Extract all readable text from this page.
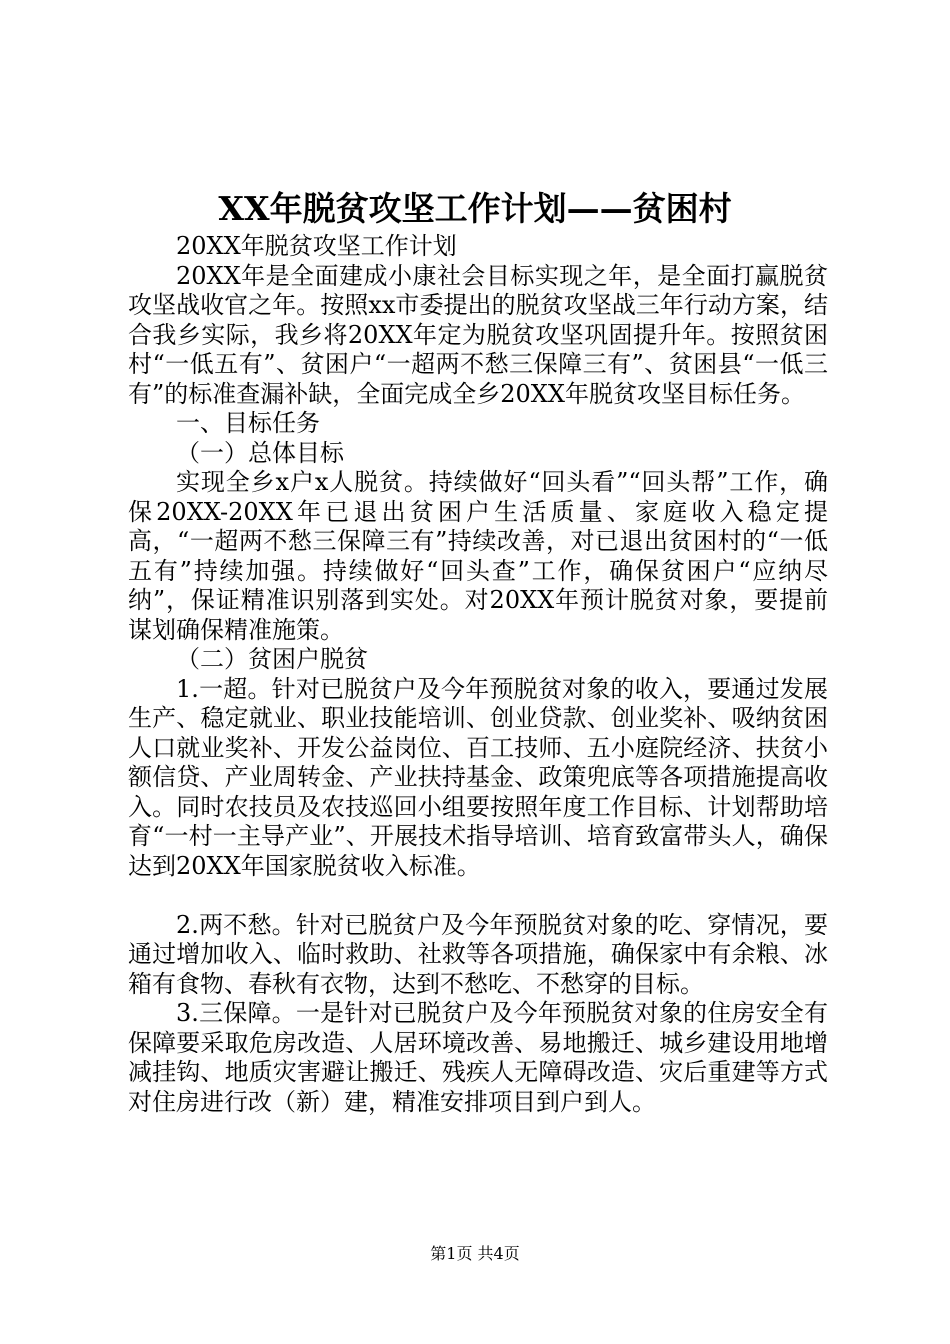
XX年脱贫攻坚工作计划——贫困村

20XX年脱贫攻坚工作计划

20XX年是全面建成小康社会目标实现之年，是全面打赢脱贫攻坚战收官之年。按照xx市委提出的脱贫攻坚战三年行动方案，结合我乡实际，我乡将20XX年定为脱贫攻坚巩固提升年。按照贫困村“一低五有”、贫困户“一超两不愁三保障三有”、贫困县“一低三有”的标准查漏补缺，全面完成全乡20XX年脱贫攻坚目标任务。

一、目标任务

（一）总体目标

实现全乡x户x人脱贫。持续做好“回头看”“回头帮”工作，确保20XX-20XX年已退出贫困户生活质量、家庭收入稳定提高，“一超两不愁三保障三有”持续改善，对已退出贫困村的“一低五有”持续加强。持续做好“回头查”工作，确保贫困户“应纳尽纳”，保证精准识别落到实处。对20XX年预计脱贫对象，要提前谋划确保精准施策。

（二）贫困户脱贫

1.一超。针对已脱贫户及今年预脱贫对象的收入，要通过发展生产、稳定就业、职业技能培训、创业贷款、创业奖补、吸纳贫困人口就业奖补、开发公益岗位、百工技师、五小庭院经济、扶贫小额信贷、产业周转金、产业扶持基金、政策兜底等各项措施提高收入。同时农技员及农技巡回小组要按照年度工作目标、计划帮助培育“一村一主导产业”、开展技术指导培训、培育致富带头人，确保达到20XX年国家脱贫收入标准。

2.两不愁。针对已脱贫户及今年预脱贫对象的吃、穿情况，要通过增加收入、临时救助、社救等各项措施，确保家中有余粮、冰箱有食物、春秋有衣物，达到不愁吃、不愁穿的目标。

3.三保障。一是针对已脱贫户及今年预脱贫对象的住房安全有保障要采取危房改造、人居环境改善、易地搬迁、城乡建设用地增减挂钩、地质灾害避让搬迁、残疾人无障碍改造、灾后重建等方式对住房进行改（新）建，精准安排项目到户到人。

第1页 共4页
